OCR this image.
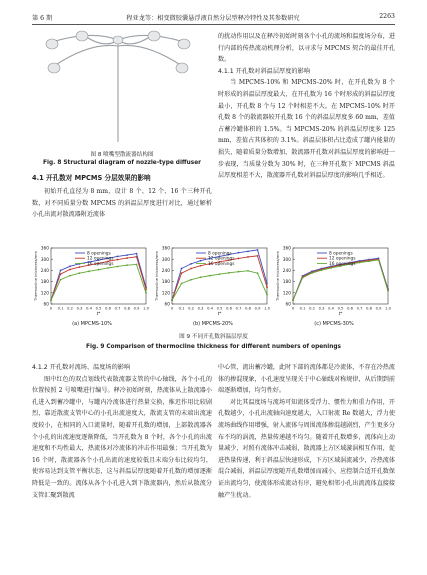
第 6 期	程亚龙等：相变微胶囊悬浮液自然分层型释冷特性及其参数研究	2263
图 8 喷嘴型散流器结构图
Fig. 8 Structural diagram of nozzle-type diffuser
4.1 开孔数对 MPCMS 分层效果的影响

初始开孔直径为 8 mm，设计 8 个、12 个、16 个三种开孔数，对不同质量分数 MPCMS 的斜温层厚度进行对比，通过解析小孔出流对散流器附近流体

的扰动作用以及在释冷初始时刻各个小孔的流场和温度场分布，进行内部的传热流动机理分析，以寻求与 MPCMS 契合的最佳开孔数。

4.1.1 开孔数对斜温层厚度的影响

当 MPCMS-10% 和 MPCMS-20% 时，在开孔数为 8 个时形成的斜温层厚度最大，在开孔数为 16 个时形成的斜温层厚度最小，开孔数 8 个与 12 个时相差不大。在 MPCMS-10% 时开孔数 8 个的散流器较开孔数 16 个的斜温层厚度多 60 mm，差值占蓄冷罐体积的 1.5%。当 MPCMS-20% 的斜温层厚度多 125 mm，差值占其体积的 3.1%。斜温层体积占比造成了罐内能量的损失，随着质量分数增加，散流器开孔数对斜温层厚度的影响进一步表现，当质量分数为 30% 时，在三种开孔数下 MPCMS 斜温层厚度相差不大，散流器开孔数对斜温层厚度的影响几乎相近。

60
120
180
240
300
360
0 0.1 0.2 0.3 0.4 0.5 0.6 0.7 0.8 0.9 1.0
Thermocline thickness/mm
t*
8 openings
12 openings
16 openings
60
120
180
240
300
360
0 0.1 0.2 0.3 0.4 0.5 0.6 0.7 0.8 0.9 1.0
Thermocline thickness/mm
t*
8 openings
12 openings
16 openings
60
120
180
240
300
360
0 0.1 0.2 0.3 0.4 0.5 0.6 0.7 0.8 0.9 1.0
Thermocline thickness/mm
t*
8 openings
12 openings
16 openings
(a) MPCMS-10%	(b) MPCMS-20%	(c) MPCMS-30%
图 9 不同开孔数斜温层厚度
Fig. 9 Comparison of thermocline thickness for different numbers of openings
4.1.2 开孔数对流场、温度场的影响

图中红色的双点划线代表散流器支管的中心轴线，各个小孔的位置按照 2 号喷嘴进行编号。释冷初始时刻，热流体从上散流器小孔进入到蓄冷罐中，与罐内冷流体进行热量交换，推迟作用比较剧烈，靠近散流支管中心的小孔出流速度大，散流支管的末端出流速度较小，在相同的入口流量时，随着开孔数的增加，上部散流器各个小孔的出流速度逐渐降低，当开孔数为 8 个时，各个小孔的出流速度和不均性最大，热流体对冷流体的冲击作用最强；当开孔数为 16 个时，散流器各个小孔出流的速度较低且末端分布比较均匀，使容易达到支管平衡状态，这与斜温层厚度随着开孔数的增加逐渐降低是一致的。流体从各个小孔进入到下散流器内，然后从散流分支管汇聚到散流

中心管，流出蓄冷罐，此时下部的流体都是冷流体，不存在冷热流体的掺混现象，小孔速度呈现关于中心轴线对称规律，从后期到前端逐渐增加，均匀性好。

对比其温度场与流场可知流体受浮力、惯性力和重力作用，开孔数越少，小孔出流轴向速度越大，入口射流 Re 数越大，浮力使流场曲线作用增强，射入流体与周围流体掺混越剧烈，产生更多分布不均的涡流，热量传递越不均匀。随着开孔数增多，流体向上动量减少，对照有流体冲击减弱，散流器上方区域漩涡相互作用，促进热量传递，利于斜温层快速形成，下方区域涡流减少，冷热流体混合减弱，斜温层厚度随开孔数增加而减小，应控制合适开孔数保证出流均匀，使流体形成流动有序，避免相邻小孔出流流体直接接触产生扰动。
